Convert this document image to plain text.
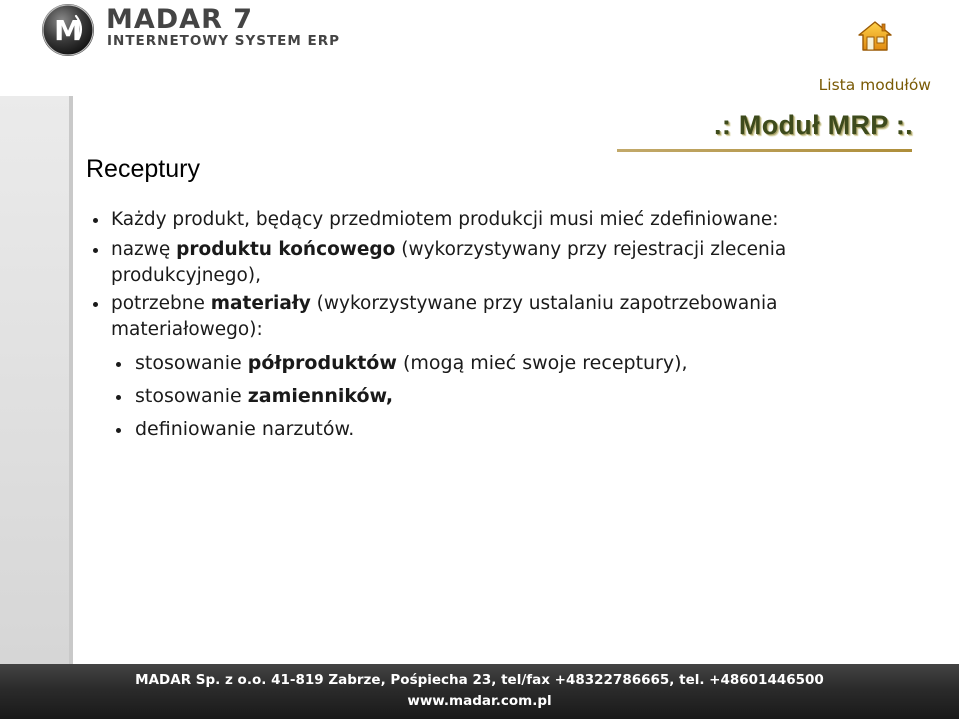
M MADAR 7
INTERNETOWY SYSTEM ERP
Lista modułów
.: Moduł MRP :.
Receptury
Każdy produkt, będący przedmiotem produkcji musi mieć zdefiniowane:
nazwę produktu końcowego (wykorzystywany przy rejestracji zlecenia produkcyjnego),
potrzebne materiały (wykorzystywane przy ustalaniu zapotrzebowania materiałowego):
stosowanie półproduktów (mogą mieć swoje receptury),
stosowanie zamienników,
definiowanie narzutów.
MADAR Sp. z o.o. 41-819 Zabrze, Pośpiecha 23, tel/fax +48322786665, tel. +48601446500
www.madar.com.pl
